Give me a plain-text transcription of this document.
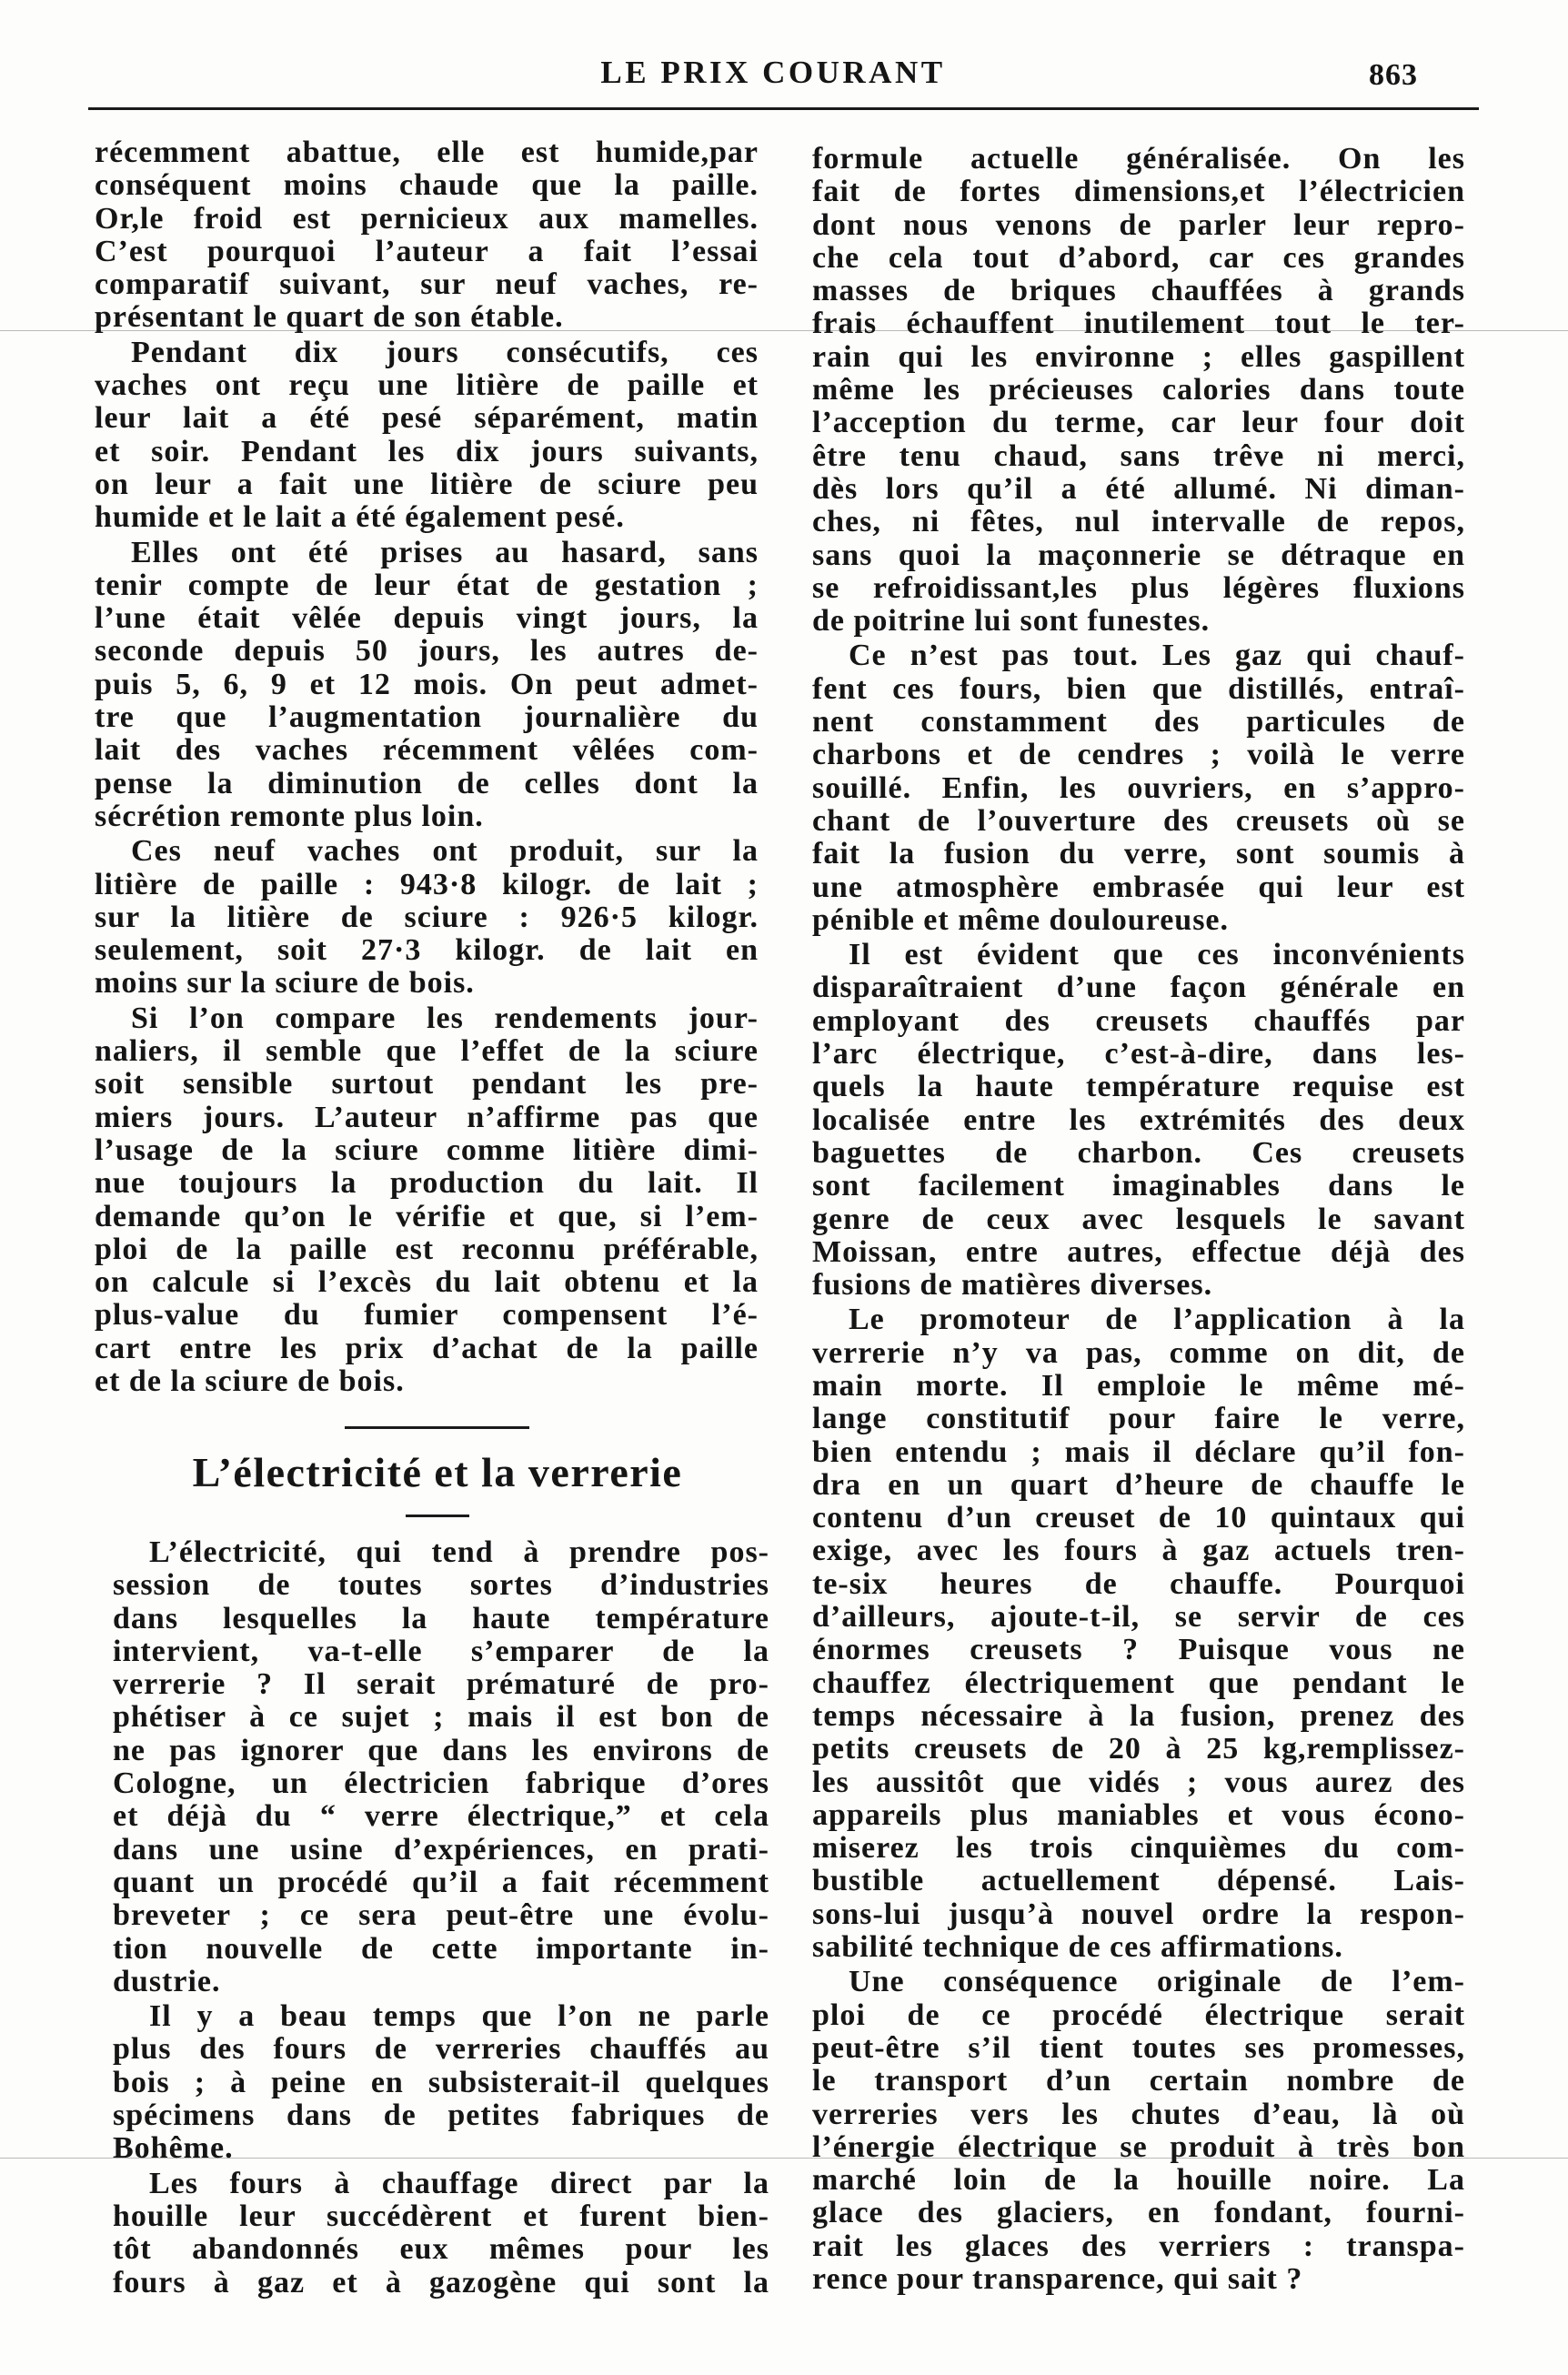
LE PRIX COURANT	863
récemment abattue, elle est humide,par
conséquent moins chaude que la paille.
Or,le froid est pernicieux aux mamelles.
C’est pourquoi l’auteur a fait l’essai
comparatif suivant, sur neuf vaches, re-
présentant le quart de son étable.
Pendant dix jours consécutifs, ces
vaches ont reçu une litière de paille et
leur lait a été pesé séparément, matin
et soir. Pendant les dix jours suivants,
on leur a fait une litière de sciure peu
humide et le lait a été également pesé.
Elles ont été prises au hasard, sans
tenir compte de leur état de gestation ;
l’une était vêlée depuis vingt jours, la
seconde depuis 50 jours, les autres de-
puis 5, 6, 9 et 12 mois. On peut admet-
tre que l’augmentation journalière du
lait des vaches récemment vêlées com-
pense la diminution de celles dont la
sécrétion remonte plus loin.
Ces neuf vaches ont produit, sur la
litière de paille : 943·8 kilogr. de lait ;
sur la litière de sciure : 926·5 kilogr.
seulement, soit 27·3 kilogr. de lait en
moins sur la sciure de bois.
Si l’on compare les rendements jour-
naliers, il semble que l’effet de la sciure
soit sensible surtout pendant les pre-
miers jours. L’auteur n’affirme pas que
l’usage de la sciure comme litière dimi-
nue toujours la production du lait. Il
demande qu’on le vérifie et que, si l’em-
ploi de la paille est reconnu préférable,
on calcule si l’excès du lait obtenu et la
plus-value du fumier compensent l’é-
cart entre les prix d’achat de la paille
et de la sciure de bois.
L’électricité et la verrerie
L’électricité, qui tend à prendre pos-
session de toutes sortes d’industries
dans lesquelles la haute température
intervient, va-t-elle s’emparer de la
verrerie ? Il serait prématuré de pro-
phétiser à ce sujet ; mais il est bon de
ne pas ignorer que dans les environs de
Cologne, un électricien fabrique d’ores
et déjà du “ verre électrique,” et cela
dans une usine d’expériences, en prati-
quant un procédé qu’il a fait récemment
breveter ; ce sera peut-être une évolu-
tion nouvelle de cette importante in-
dustrie.
Il y a beau temps que l’on ne parle
plus des fours de verreries chauffés au
bois ; à peine en subsisterait-il quelques
spécimens dans de petites fabriques de
Bohême.
Les fours à chauffage direct par la
houille leur succédèrent et furent bien-
tôt abandonnés eux mêmes pour les
fours à gaz et à gazogène qui sont la
formule actuelle généralisée. On les
fait de fortes dimensions,et l’électricien
dont nous venons de parler leur repro-
che cela tout d’abord, car ces grandes
masses de briques chauffées à grands
frais échauffent inutilement tout le ter-
rain qui les environne ; elles gaspillent
même les précieuses calories dans toute
l’acception du terme, car leur four doit
être tenu chaud, sans trêve ni merci,
dès lors qu’il a été allumé. Ni diman-
ches, ni fêtes, nul intervalle de repos,
sans quoi la maçonnerie se détraque en
se refroidissant,les plus légères fluxions
de poitrine lui sont funestes.
Ce n’est pas tout. Les gaz qui chauf-
fent ces fours, bien que distillés, entraî-
nent constamment des particules de
charbons et de cendres ; voilà le verre
souillé. Enfin, les ouvriers, en s’appro-
chant de l’ouverture des creusets où se
fait la fusion du verre, sont soumis à
une atmosphère embrasée qui leur est
pénible et même douloureuse.
Il est évident que ces inconvénients
disparaîtraient d’une façon générale en
employant des creusets chauffés par
l’arc électrique, c’est-à-dire, dans les-
quels la haute température requise est
localisée entre les extrémités des deux
baguettes de charbon. Ces creusets
sont facilement imaginables dans le
genre de ceux avec lesquels le savant
Moissan, entre autres, effectue déjà des
fusions de matières diverses.
Le promoteur de l’application à la
verrerie n’y va pas, comme on dit, de
main morte. Il emploie le même mé-
lange constitutif pour faire le verre,
bien entendu ; mais il déclare qu’il fon-
dra en un quart d’heure de chauffe le
contenu d’un creuset de 10 quintaux qui
exige, avec les fours à gaz actuels tren-
te-six heures de chauffe. Pourquoi
d’ailleurs, ajoute-t-il, se servir de ces
énormes creusets ? Puisque vous ne
chauffez électriquement que pendant le
temps nécessaire à la fusion, prenez des
petits creusets de 20 à 25 kg,remplissez-
les aussitôt que vidés ; vous aurez des
appareils plus maniables et vous écono-
miserez les trois cinquièmes du com-
bustible actuellement dépensé. Lais-
sons-lui jusqu’à nouvel ordre la respon-
sabilité technique de ces affirmations.
Une conséquence originale de l’em-
ploi de ce procédé électrique serait
peut-être s’il tient toutes ses promesses,
le transport d’un certain nombre de
verreries vers les chutes d’eau, là où
l’énergie électrique se produit à très bon
marché loin de la houille noire. La
glace des glaciers, en fondant, fourni-
rait les glaces des verriers : transpa-
rence pour transparence, qui sait ?
